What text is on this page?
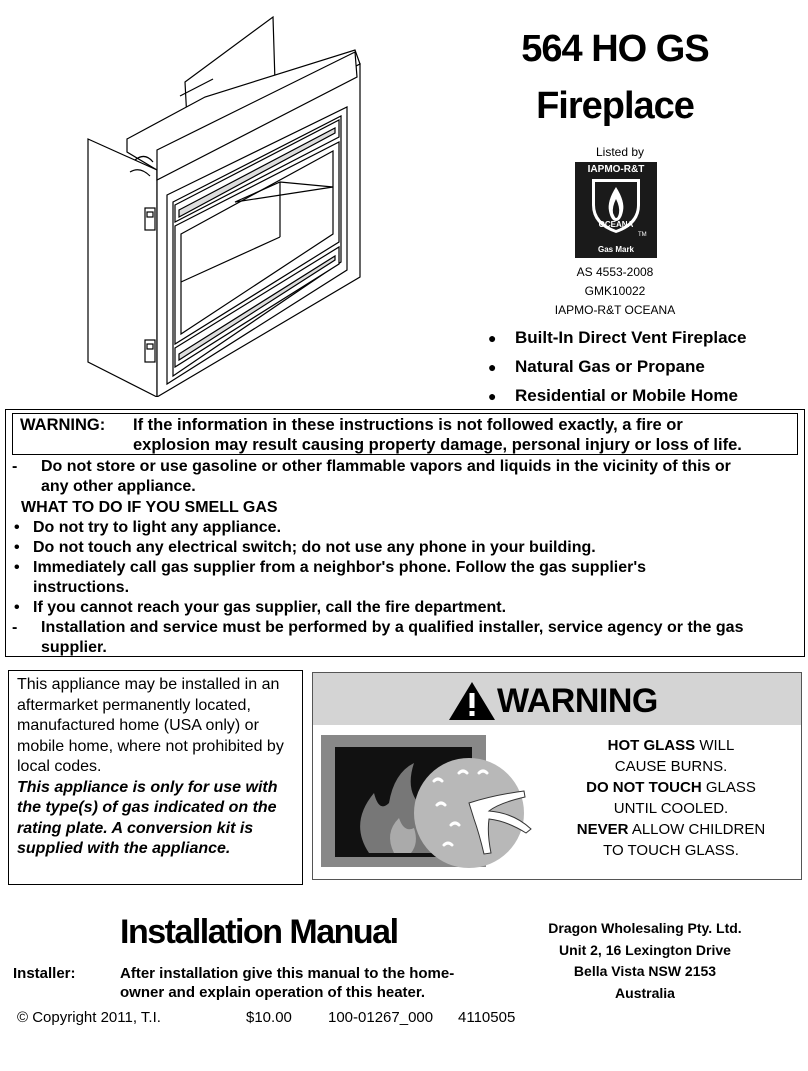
564 HO GS
Fireplace
Listed by
IAPMO-R&T
OCEANA
TM
Gas Mark
AS 4553-2008
GMK10022
IAPMO-R&T OCEANA
●	Built-In Direct Vent Fireplace
●	Natural Gas or Propane
●	Residential or Mobile Home
WARNING: If the information in these instructions is not followed exactly, a fire or
explosion may result causing property damage, personal injury or loss of life.
- Do not store or use gasoline or other flammable vapors and liquids in the vicinity of this or
any other appliance.
WHAT TO DO IF YOU SMELL GAS
• Do not try to light any appliance.
• Do not touch any electrical switch; do not use any phone in your building.
• Immediately call gas supplier from a neighbor's phone. Follow the gas supplier's
instructions.
• If you cannot reach your gas supplier, call the fire department.
- Installation and service must be performed by a qualified installer, service agency or the gas
supplier.
This appliance may be installed in an aftermarket permanently located, manufactured home (USA only) or mobile home, where not prohibited by local codes.
This appliance is only for use with the type(s) of gas indicated on the rating plate. A conversion kit is supplied with the appliance.
WARNING
HOT GLASS WILL
CAUSE BURNS.
DO NOT TOUCH GLASS
UNTIL COOLED.
NEVER ALLOW CHILDREN
TO TOUCH GLASS.
Installation Manual
Installer:	After installation give this manual to the home-
owner and explain operation of this heater.
© Copyright 2011, T.I.	$10.00 100-01267_000 4110505
Dragon Wholesaling Pty. Ltd.
Unit 2, 16 Lexington Drive
Bella Vista NSW 2153
Australia
